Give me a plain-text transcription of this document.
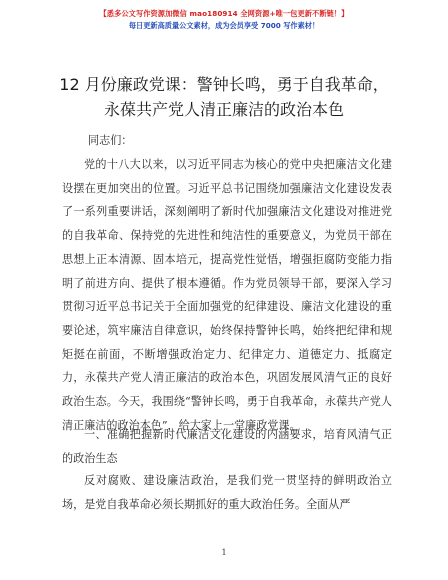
【悉多公文写作资源加微信 mao180914 全网资源+唯一包更新不断链！】
每日更新高质量公文素材，成为会员享受 7000 写作素材！
12 月份廉政党课：警钟长鸣，勇于自我革命，
永葆共产党人清正廉洁的政治本色
同志们：

党的十八大以来，以习近平同志为核心的党中央把廉洁文化建设摆在更加突出的位置。习近平总书记围绕加强廉洁文化建设发表了一系列重要讲话，深刻阐明了新时代加强廉洁文化建设对推进党的自我革命、保持党的先进性和纯洁性的重要意义，为党员干部在思想上正本清源、固本培元，提高党性觉悟，增强拒腐防变能力指明了前进方向、提供了根本遵循。作为党员领导干部，要深入学习贯彻习近平总书记关于全面加强党的纪律建设、廉洁文化建设的重要论述，筑牢廉洁自律意识，始终保持警钟长鸣，始终把纪律和规矩挺在前面，不断增强政治定力、纪律定力、道德定力、抵腐定力，永葆共产党人清正廉洁的政治本色，巩固发展风清气正的良好政治生态。今天，我围绕“警钟长鸣，勇于自我革命，永葆共产党人清正廉洁的政治本色”，给大家上一堂廉政党课。

一、准确把握新时代廉洁文化建设的内涵要求，培育风清气正的政治生态

反对腐败、建设廉洁政治，是我们党一贯坚持的鲜明政治立场，是党自我革命必须长期抓好的重大政治任务。全面从严

1
